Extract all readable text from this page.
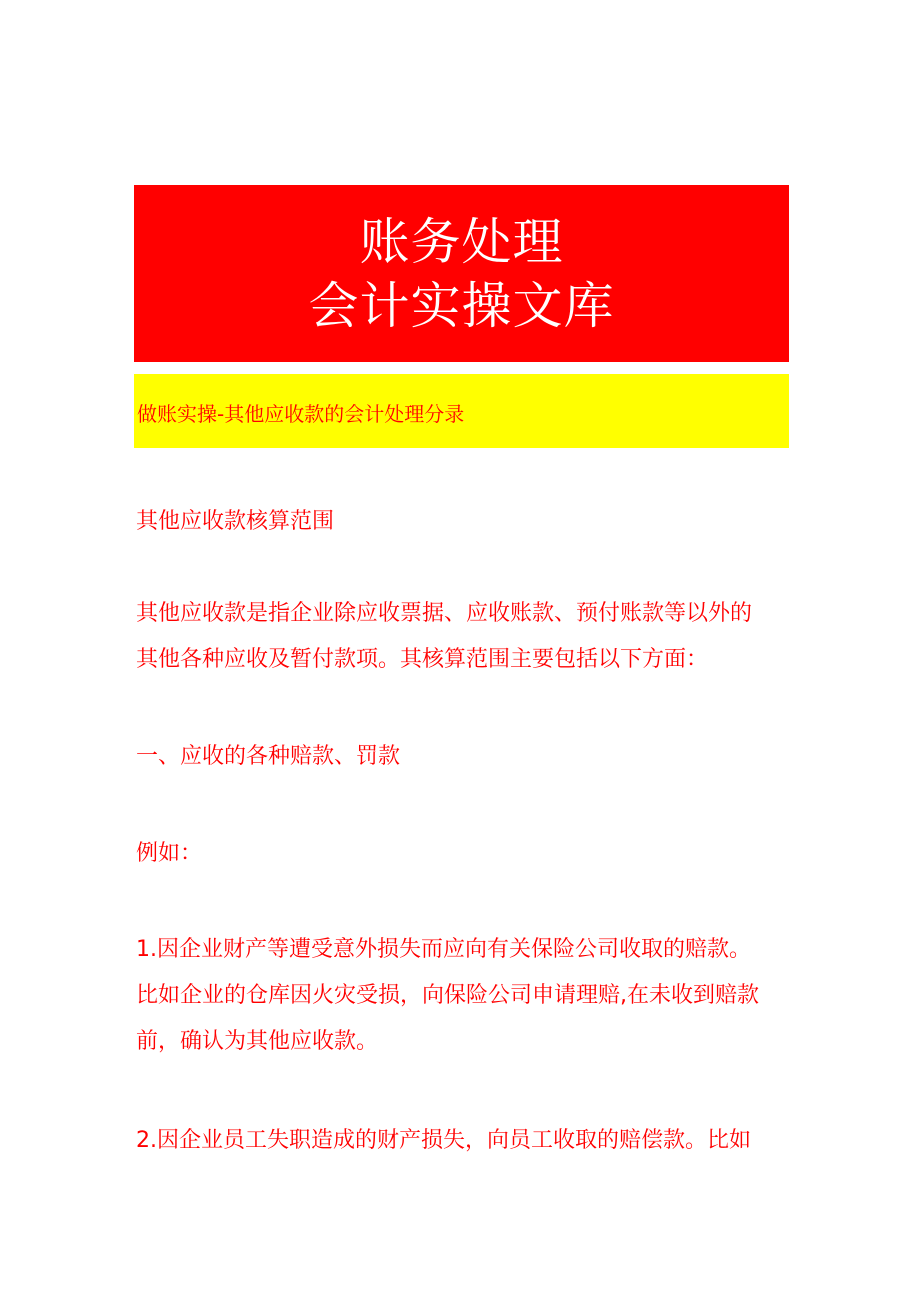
账务处理
会计实操文库
做账实操-其他应收款的会计处理分录
其他应收款核算范围
其他应收款是指企业除应收票据、应收账款、预付账款等以外的
其他各种应收及暂付款项。其核算范围主要包括以下方面：
一、应收的各种赔款、罚款
例如：
1.因企业财产等遭受意外损失而应向有关保险公司收取的赔款。
比如企业的仓库因火灾受损，向保险公司申请理赔,在未收到赔款
前，确认为其他应收款。
2.因企业员工失职造成的财产损失，向员工收取的赔偿款。比如
